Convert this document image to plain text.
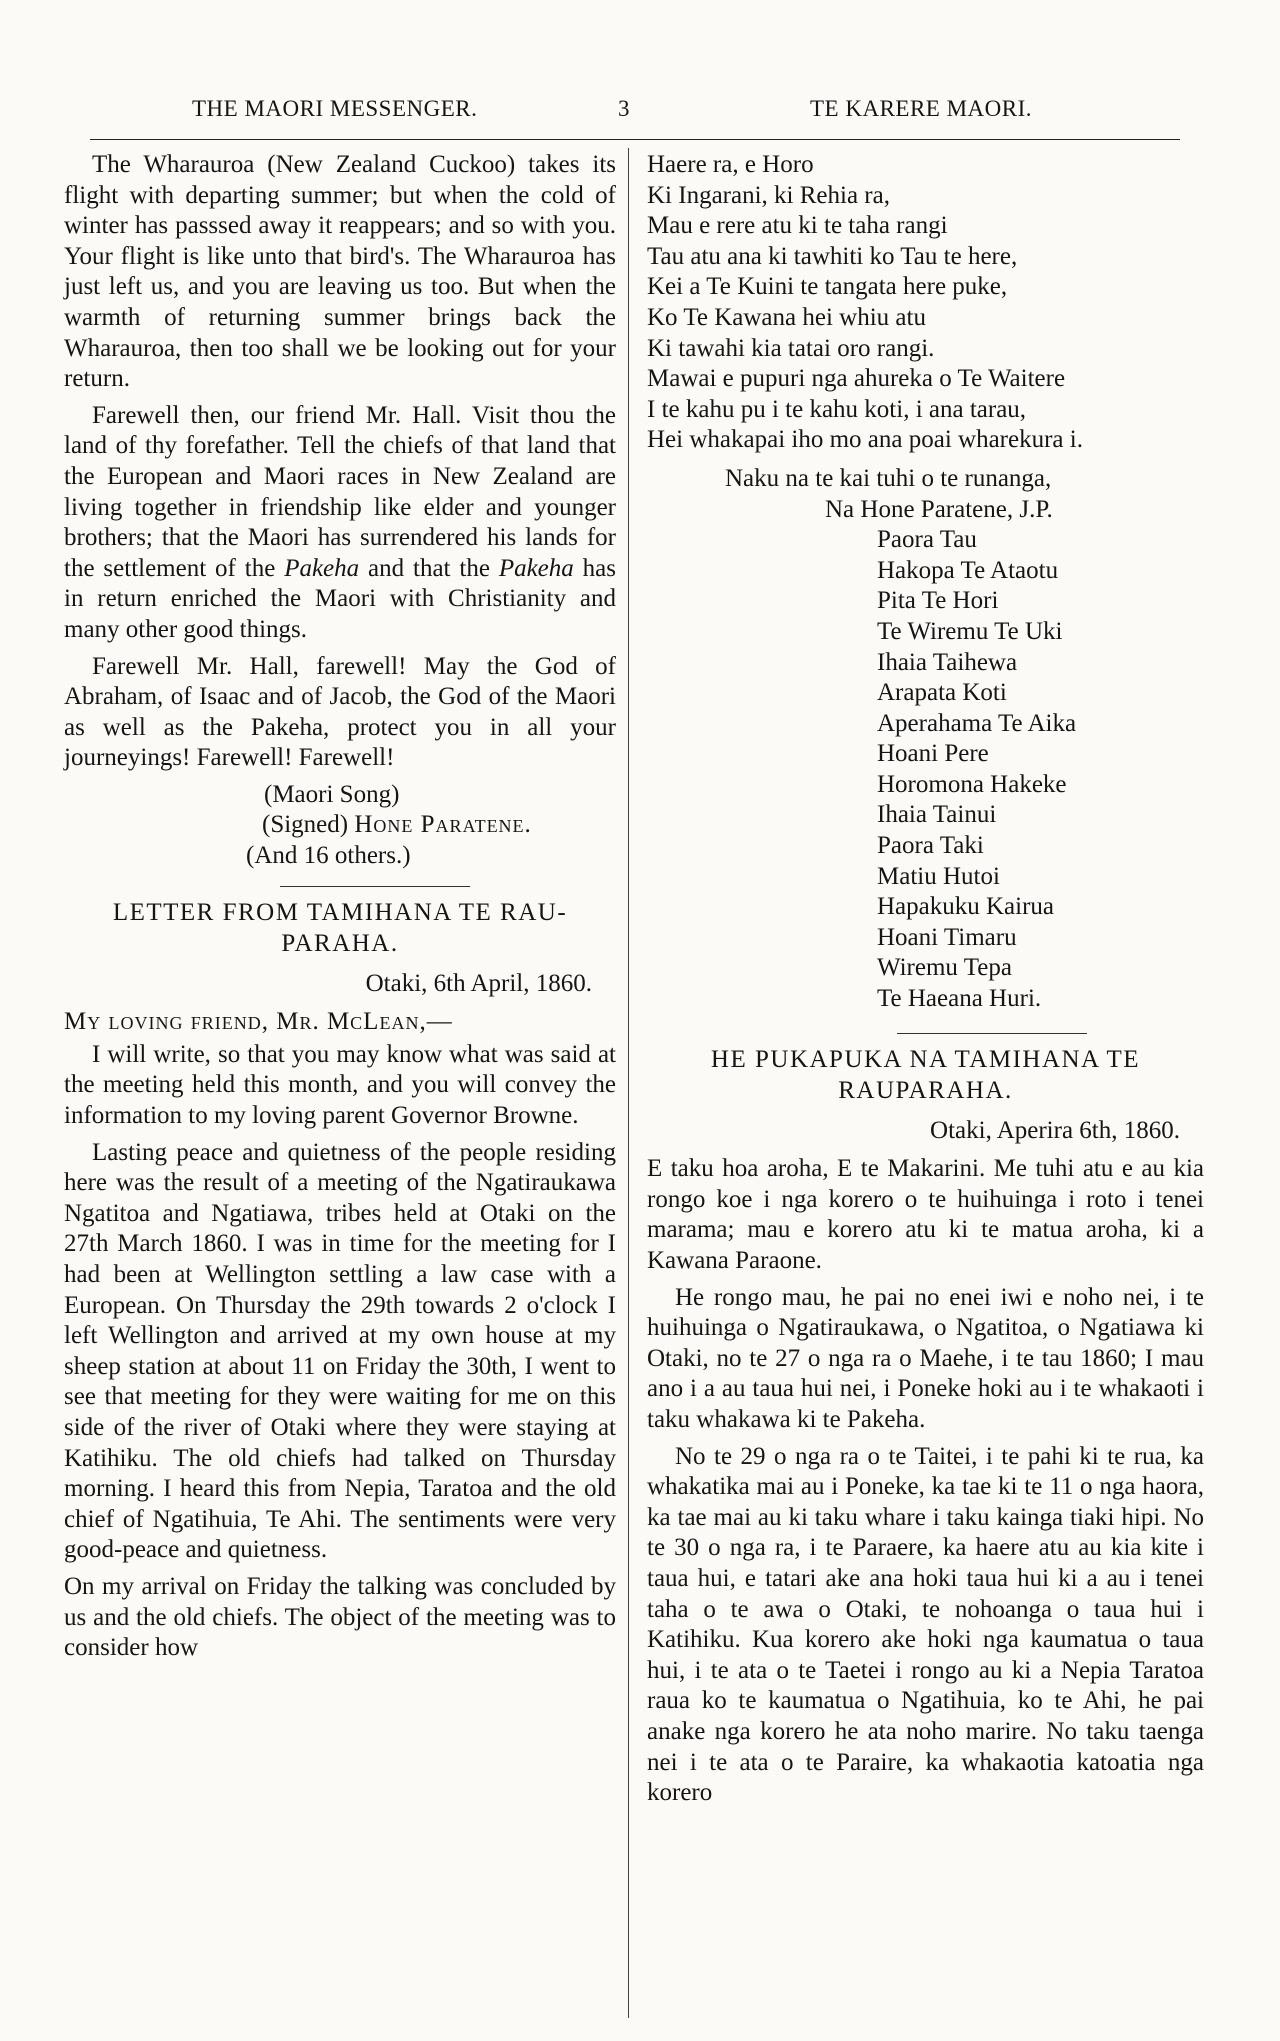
THE MAORI MESSENGER.	3	TE KARERE MAORI.

The Wharauroa (New Zealand Cuckoo) takes its flight with departing summer; but when the cold of winter has passsed away it reappears; and so with you. Your flight is like unto that bird's. The Wharauroa has just left us, and you are leaving us too. But when the warmth of returning summer brings back the Wharauroa, then too shall we be looking out for your return.

Farewell then, our friend Mr. Hall. Visit thou the land of thy forefather. Tell the chiefs of that land that the European and Maori races in New Zealand are living together in friendship like elder and younger brothers; that the Maori has surrendered his lands for the settlement of the Pakeha and that the Pakeha has in return enriched the Maori with Christianity and many other good things.

Farewell Mr. Hall, farewell! May the God of Abraham, of Isaac and of Jacob, the God of the Maori as well as the Pakeha, protect you in all your journeyings! Farewell! Farewell!

(Maori Song)
(Signed) Hone Paratene.
(And 16 others.)
LETTER FROM TAMIHANA TE RAU-
PARAHA.
Otaki, 6th April, 1860.
My loving friend, Mr. McLean,—

I will write, so that you may know what was said at the meeting held this month, and you will convey the information to my loving parent Governor Browne.

Lasting peace and quietness of the people residing here was the result of a meeting of the Ngatiraukawa Ngatitoa and Ngatiawa, tribes held at Otaki on the 27th March 1860. I was in time for the meeting for I had been at Wellington settling a law case with a European. On Thursday the 29th towards 2 o'clock I left Wellington and arrived at my own house at my sheep station at about 11 on Friday the 30th, I went to see that meeting for they were waiting for me on this side of the river of Otaki where they were staying at Katihiku. The old chiefs had talked on Thursday morning. I heard this from Nepia, Taratoa and the old chief of Ngatihuia, Te Ahi. The sentiments were very good-peace and quietness.

On my arrival on Friday the talking was concluded by us and the old chiefs. The object of the meeting was to consider how

Haere ra, e Horo

Ki Ingarani, ki Rehia ra,

Mau e rere atu ki te taha rangi

Tau atu ana ki tawhiti ko Tau te here,

Kei a Te Kuini te tangata here puke,

Ko Te Kawana hei whiu atu

Ki tawahi kia tatai oro rangi.

Mawai e pupuri nga ahureka o Te Waitere

I te kahu pu i te kahu koti, i ana tarau,

Hei whakapai iho mo ana poai wharekura i.

Naku na te kai tuhi o te runanga,
Na Hone Paratene, J.P.
Paora Tau
Hakopa Te Ataotu
Pita Te Hori
Te Wiremu Te Uki
Ihaia Taihewa
Arapata Koti
Aperahama Te Aika
Hoani Pere
Horomona Hakeke
Ihaia Tainui
Paora Taki
Matiu Hutoi
Hapakuku Kairua
Hoani Timaru
Wiremu Tepa
Te Haeana Huri.
HE PUKAPUKA NA TAMIHANA TE
RAUPARAHA.
Otaki, Aperira 6th, 1860.

E taku hoa aroha, E te Makarini. Me tuhi atu e au kia rongo koe i nga korero o te huihuinga i roto i tenei marama; mau e korero atu ki te matua aroha, ki a Kawana Paraone.

He rongo mau, he pai no enei iwi e noho nei, i te huihuinga o Ngatiraukawa, o Ngatitoa, o Ngatiawa ki Otaki, no te 27 o nga ra o Maehe, i te tau 1860; I mau ano i a au taua hui nei, i Poneke hoki au i te whakaoti i taku whakawa ki te Pakeha.

No te 29 o nga ra o te Taitei, i te pahi ki te rua, ka whakatika mai au i Poneke, ka tae ki te 11 o nga haora, ka tae mai au ki taku whare i taku kainga tiaki hipi. No te 30 o nga ra, i te Paraere, ka haere atu au kia kite i taua hui, e tatari ake ana hoki taua hui ki a au i tenei taha o te awa o Otaki, te nohoanga o taua hui i Katihiku. Kua korero ake hoki nga kaumatua o taua hui, i te ata o te Taetei i rongo au ki a Nepia Taratoa raua ko te kaumatua o Ngatihuia, ko te Ahi, he pai anake nga korero he ata noho marire. No taku taenga nei i te ata o te Paraire, ka whakaotia katoatia nga korero
